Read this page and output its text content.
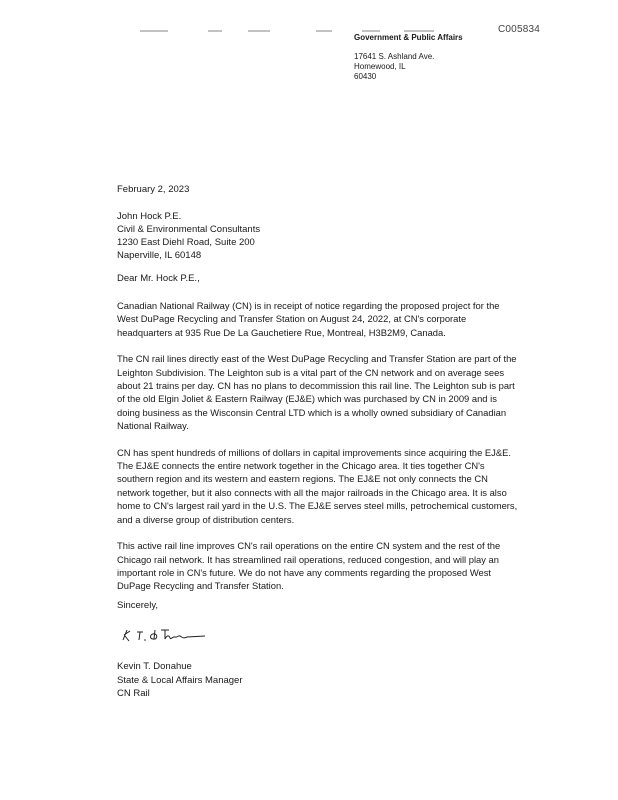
C005834
Government & Public Affairs
17641 S. Ashland Ave.
Homewood, IL
60430
February 2, 2023
John Hock P.E.
Civil & Environmental Consultants
1230 East Diehl Road, Suite 200
Naperville, IL 60148
Dear Mr. Hock P.E.,

Canadian National Railway (CN) is in receipt of notice regarding the proposed project for the West DuPage Recycling and Transfer Station on August 24, 2022, at CN's corporate headquarters at 935 Rue De La Gauchetiere Rue, Montreal, H3B2M9, Canada.

The CN rail lines directly east of the West DuPage Recycling and Transfer Station are part of the Leighton Subdivision. The Leighton sub is a vital part of the CN network and on average sees about 21 trains per day. CN has no plans to decommission this rail line. The Leighton sub is part of the old Elgin Joliet & Eastern Railway (EJ&E) which was purchased by CN in 2009 and is doing business as the Wisconsin Central LTD which is a wholly owned subsidiary of Canadian National Railway.

CN has spent hundreds of millions of dollars in capital improvements since acquiring the EJ&E. The EJ&E connects the entire network together in the Chicago area. It ties together CN's southern region and its western and eastern regions. The EJ&E not only connects the CN network together, but it also connects with all the major railroads in the Chicago area. It is also home to CN's largest rail yard in the U.S. The EJ&E serves steel mills, petrochemical customers, and a diverse group of distribution centers.

This active rail line improves CN's rail operations on the entire CN system and the rest of the Chicago rail network. It has streamlined rail operations, reduced congestion, and will play an important role in CN's future. We do not have any comments regarding the proposed West DuPage Recycling and Transfer Station.

Sincerely,
Kevin T. Donahue
State & Local Affairs Manager
CN Rail
